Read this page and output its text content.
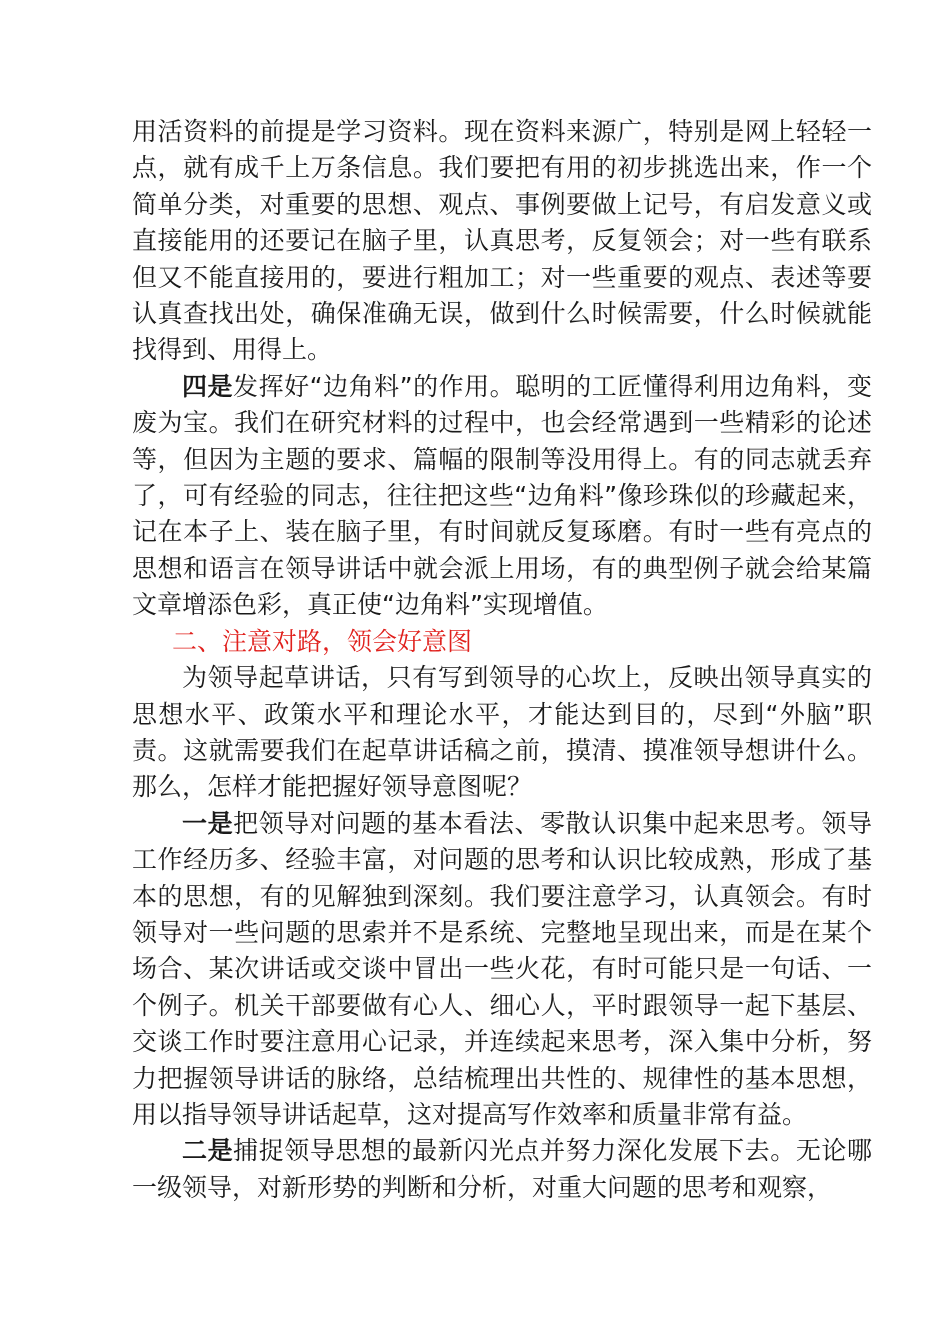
用活资料的前提是学习资料。现在资料来源广，特别是网上轻轻一点，就有成千上万条信息。我们要把有用的初步挑选出来，作一个简单分类，对重要的思想、观点、事例要做上记号，有启发意义或直接能用的还要记在脑子里，认真思考，反复领会；对一些有联系但又不能直接用的，要进行粗加工；对一些重要的观点、表述等要认真查找出处，确保准确无误，做到什么时候需要，什么时候就能找得到、用得上。

四是发挥好“边角料”的作用。聪明的工匠懂得利用边角料，变废为宝。我们在研究材料的过程中，也会经常遇到一些精彩的论述等，但因为主题的要求、篇幅的限制等没用得上。有的同志就丢弃了，可有经验的同志，往往把这些“边角料”像珍珠似的珍藏起来，记在本子上、装在脑子里，有时间就反复琢磨。有时一些有亮点的思想和语言在领导讲话中就会派上用场，有的典型例子就会给某篇文章增添色彩，真正使“边角料”实现增值。

二、注意对路，领会好意图

为领导起草讲话，只有写到领导的心坎上，反映出领导真实的思想水平、政策水平和理论水平，才能达到目的，尽到“外脑”职责。这就需要我们在起草讲话稿之前，摸清、摸准领导想讲什么。那么，怎样才能把握好领导意图呢？

一是把领导对问题的基本看法、零散认识集中起来思考。领导工作经历多、经验丰富，对问题的思考和认识比较成熟，形成了基本的思想，有的见解独到深刻。我们要注意学习，认真领会。有时领导对一些问题的思索并不是系统、完整地呈现出来，而是在某个场合、某次讲话或交谈中冒出一些火花，有时可能只是一句话、一个例子。机关干部要做有心人、细心人，平时跟领导一起下基层、交谈工作时要注意用心记录，并连续起来思考，深入集中分析，努力把握领导讲话的脉络，总结梳理出共性的、规律性的基本思想，用以指导领导讲话起草，这对提高写作效率和质量非常有益。

二是捕捉领导思想的最新闪光点并努力深化发展下去。无论哪一级领导，对新形势的判断和分析，对重大问题的思考和观察，
